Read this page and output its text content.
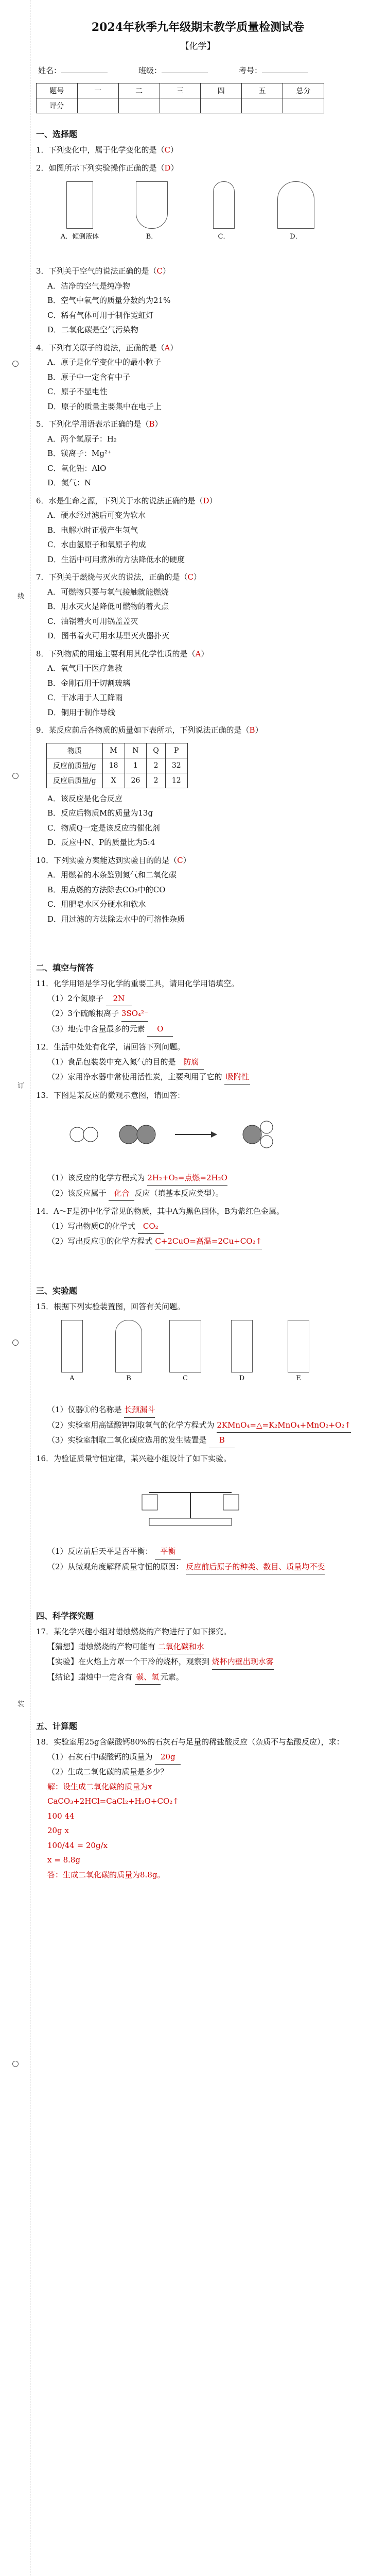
线
订
装
2024年秋季九年级期末教学质量检测试卷
【化学】
姓名：	班级：	考号：
题号	一	二	三	四	五	总分
评分						
一、选择题
1．下列变化中，属于化学变化的是（C）
2．如图所示下列实验操作正确的是（D）
A．倾倒液体	B．	C．	D．
3．下列关于空气的说法正确的是（C）
A．洁净的空气是纯净物
B．空气中氧气的质量分数约为21%
C．稀有气体可用于制作霓虹灯
D．二氧化碳是空气污染物
4．下列有关原子的说法，正确的是（A）
A．原子是化学变化中的最小粒子
B．原子中一定含有中子
C．原子不显电性
D．原子的质量主要集中在电子上
5．下列化学用语表示正确的是（B）
A．两个氢原子：H₂
B．镁离子：Mg²⁺
C．氧化铝：AlO
D．氮气：N
6．水是生命之源，下列关于水的说法正确的是（D）
A．硬水经过滤后可变为软水
B．电解水时正极产生氢气
C．水由氢原子和氧原子构成
D．生活中可用煮沸的方法降低水的硬度
7．下列关于燃烧与灭火的说法，正确的是（C）
A．可燃物只要与氧气接触就能燃烧
B．用水灭火是降低可燃物的着火点
C．油锅着火可用锅盖盖灭
D．图书着火可用水基型灭火器扑灭
8．下列物质的用途主要利用其化学性质的是（A）
A．氧气用于医疗急救
B．金刚石用于切割玻璃
C．干冰用于人工降雨
D．铜用于制作导线
9．某反应前后各物质的质量如下表所示，下列说法正确的是（B）
物质	M	N	Q	P
反应前质量/g	18	1	2	32
反应后质量/g	X	26	2	12
A．该反应是化合反应
B．反应后物质M的质量为13g
C．物质Q一定是该反应的催化剂
D．反应中N、P的质量比为5:4
10．下列实验方案能达到实验目的的是（C）
A．用燃着的木条鉴别氮气和二氧化碳
B．用点燃的方法除去CO₂中的CO
C．用肥皂水区分硬水和软水
D．用过滤的方法除去水中的可溶性杂质
二、填空与简答
11．化学用语是学习化学的重要工具，请用化学用语填空。
（1）2个氮原子 2N
（2）3个硫酸根离子 3SO₄²⁻
（3）地壳中含量最多的元素 O
12．生活中处处有化学，请回答下列问题。
（1）食品包装袋中充入氮气的目的是 防腐
（2）家用净水器中常使用活性炭，主要利用了它的 吸附性
13．下图是某反应的微观示意图，请回答：
（1）该反应的化学方程式为 2H₂+O₂=点燃=2H₂O
（2）该反应属于 化合 反应（填基本反应类型）。
14．A～F是初中化学常见的物质，其中A为黑色固体，B为紫红色金属。
（1）写出物质C的化学式 CO₂
（2）写出反应①的化学方程式 C+2CuO=高温=2Cu+CO₂↑
三、实验题
15．根据下列实验装置图，回答有关问题。
A	B	C	D	E
（1）仪器①的名称是 长颈漏斗
（2）实验室用高锰酸钾制取氧气的化学方程式为 2KMnO₄=△=K₂MnO₄+MnO₂+O₂↑
（3）实验室制取二氧化碳应选用的发生装置是 B
16．为验证质量守恒定律，某兴趣小组设计了如下实验。
（1）反应前后天平是否平衡： 平衡
（2）从微观角度解释质量守恒的原因： 反应前后原子的种类、数目、质量均不变
四、科学探究题
17．某化学兴趣小组对蜡烛燃烧的产物进行了如下探究。
【猜想】蜡烛燃烧的产物可能有 二氧化碳和水
【实验】在火焰上方罩一个干冷的烧杯，观察到 烧杯内壁出现水雾
【结论】蜡烛中一定含有 碳、氢 元素。
五、计算题
18．实验室用25g含碳酸钙80%的石灰石与足量的稀盐酸反应（杂质不与盐酸反应），求：
（1）石灰石中碳酸钙的质量为 20g
（2）生成二氧化碳的质量是多少？
解：设生成二氧化碳的质量为x
CaCO₃+2HCl=CaCl₂+H₂O+CO₂↑
100 44
20g x
100/44 = 20g/x
x = 8.8g
答：生成二氧化碳的质量为8.8g。
